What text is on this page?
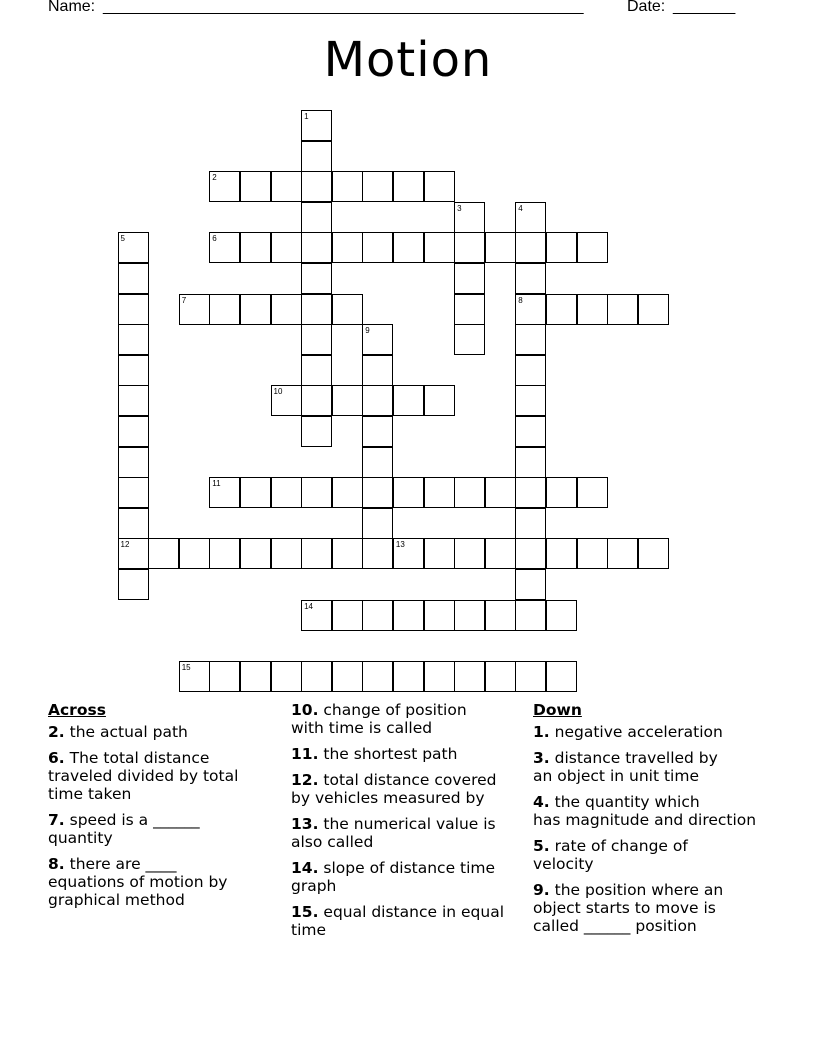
Name: ______________________________________________________	Date: _______
Motion
1
2
3	4
8
5
12
6
7
9
10
11
13
14
15
Across
2. the actual path
6. The total distance
traveled divided by total
time taken
7. speed is a ______
quantity
8. there are ____
equations of motion by
graphical method
10. change of position
with time is called
11. the shortest path
12. total distance covered
by vehicles measured by
13. the numerical value is
also called
14. slope of distance time
graph
15. equal distance in equal
time
Down
1. negative acceleration
3. distance travelled by
an object in unit time
4. the quantity which
has magnitude and direction
5. rate of change of
velocity
9. the position where an
object starts to move is
called ______ position
